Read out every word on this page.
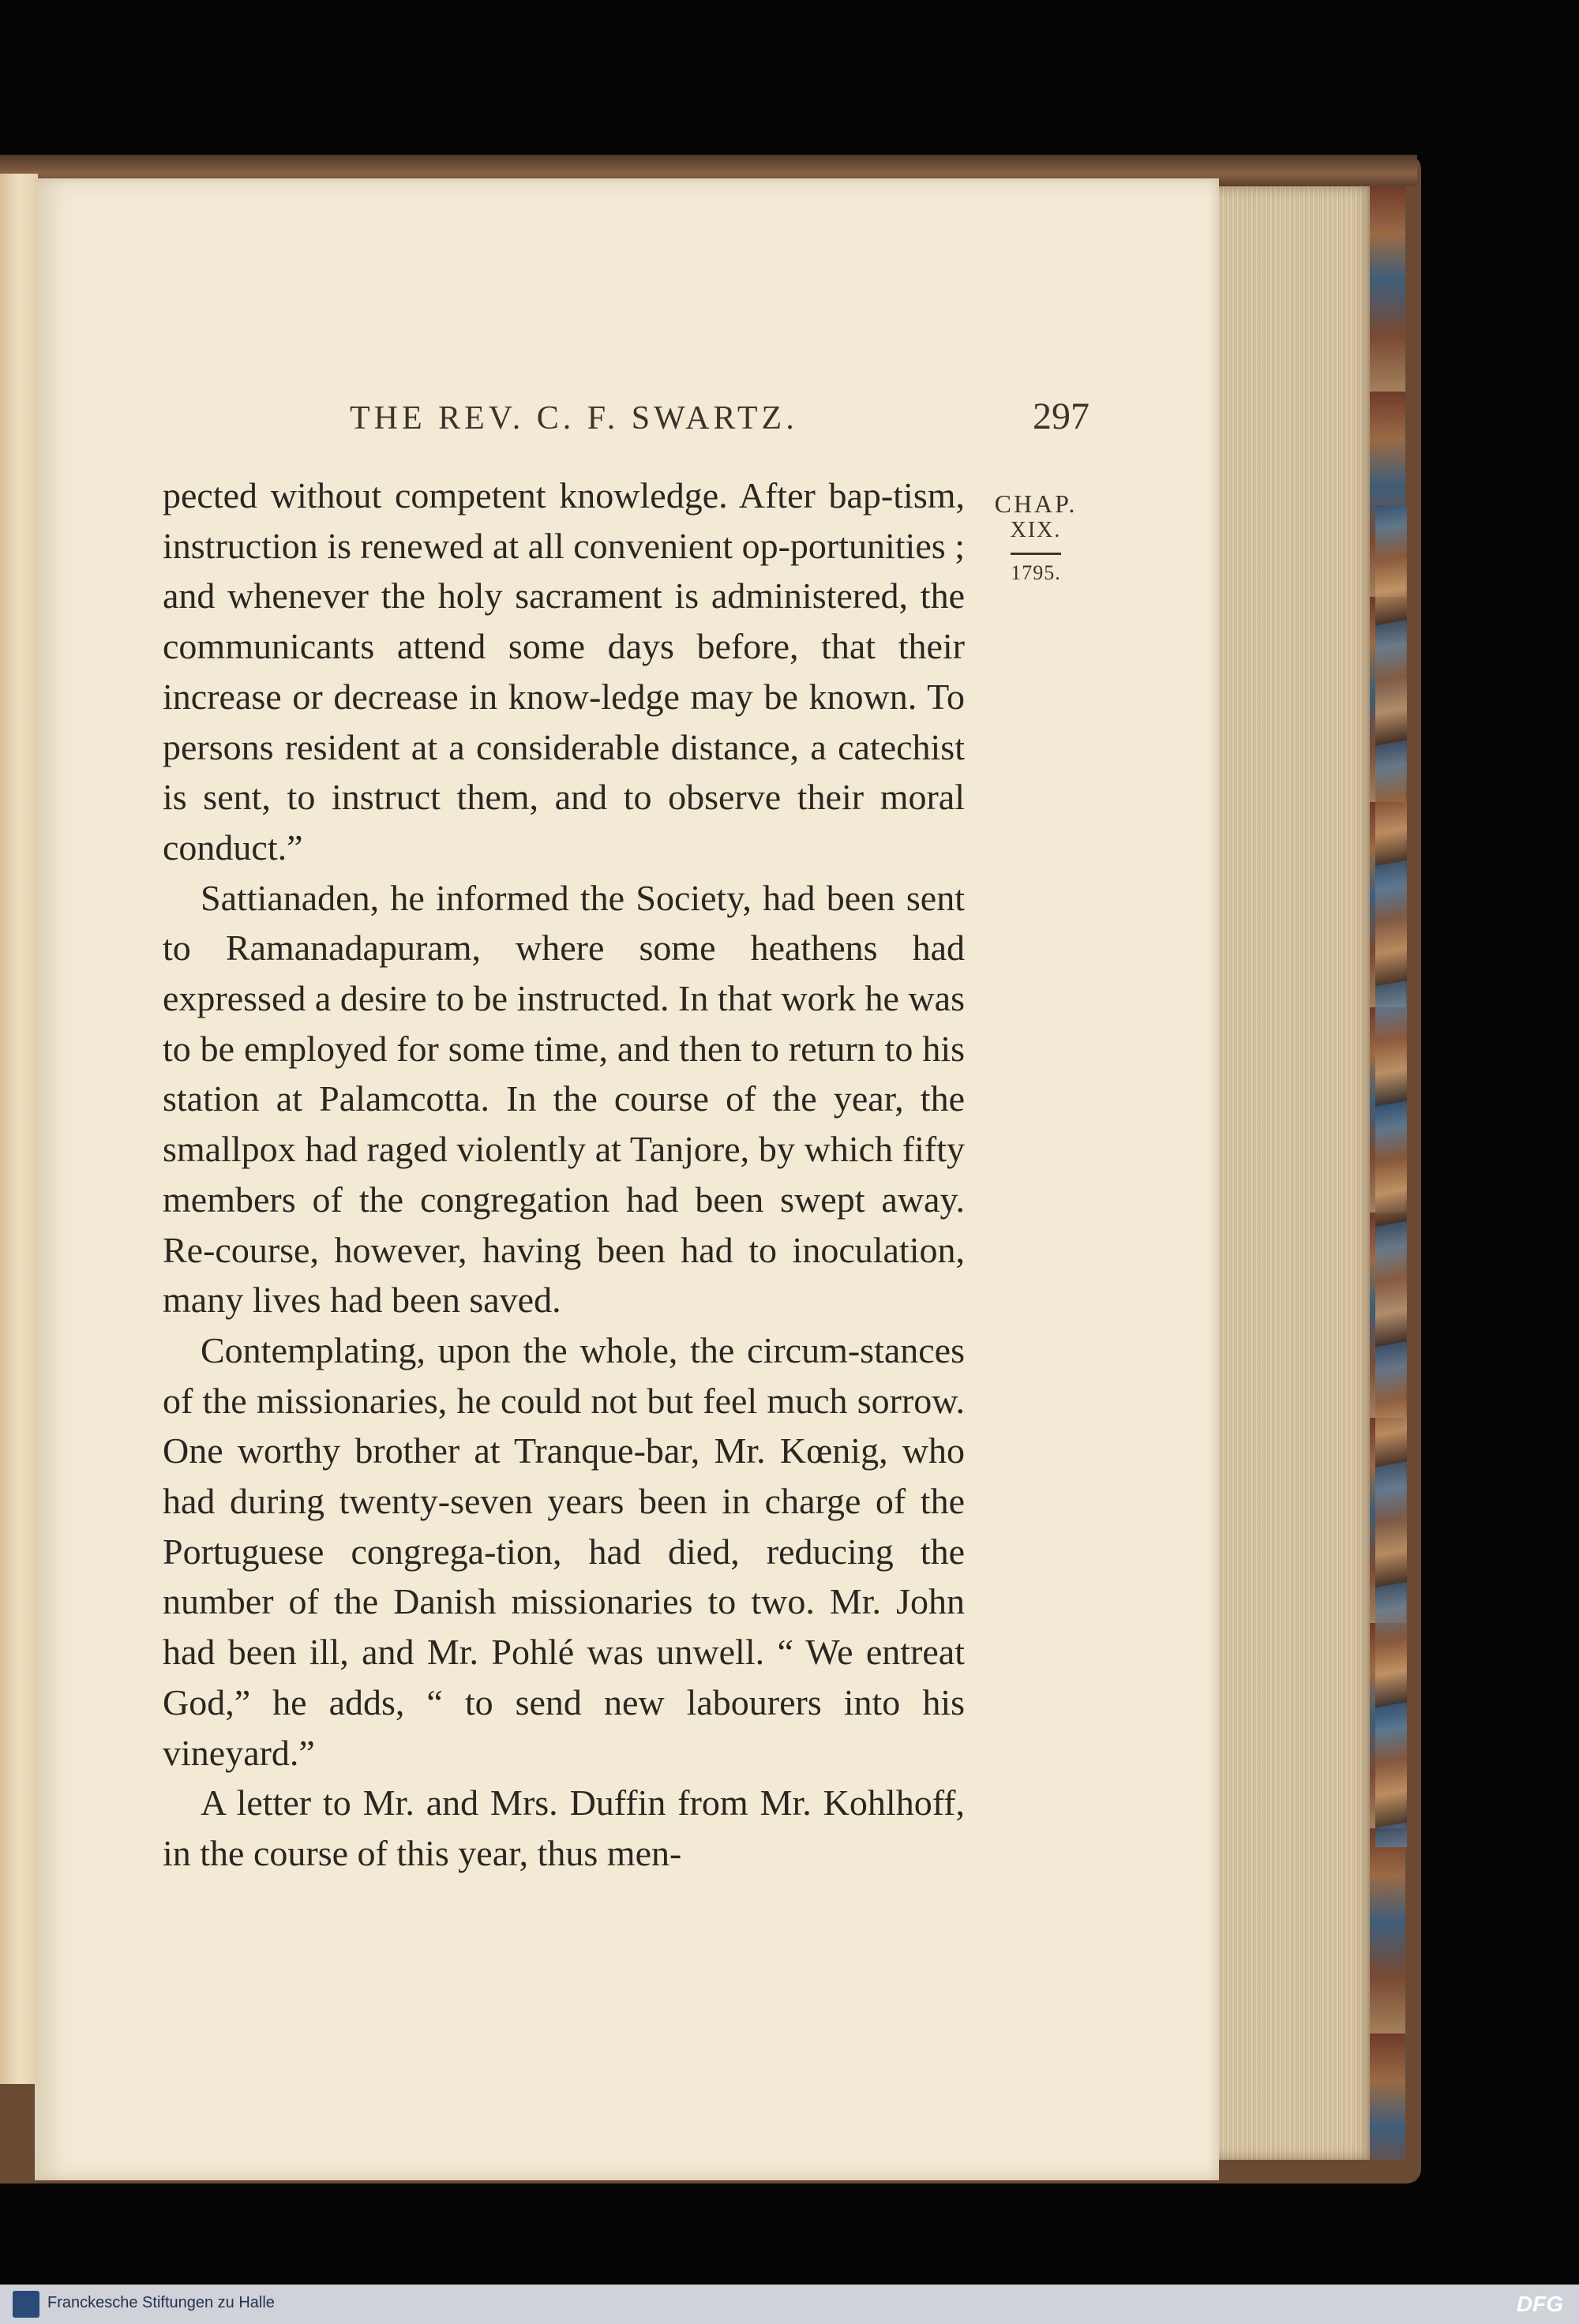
THE REV. C. F. SWARTZ.	297
CHAP.
XIX.
1795.

pected without competent knowledge. After bap-tism, instruction is renewed at all convenient op-portunities ; and whenever the holy sacrament is administered, the communicants attend some days before, that their increase or decrease in know-ledge may be known. To persons resident at a considerable distance, a catechist is sent, to instruct them, and to observe their moral conduct.”

Sattianaden, he informed the Society, had been sent to Ramanadapuram, where some heathens had expressed a desire to be instructed. In that work he was to be employed for some time, and then to return to his station at Palamcotta. In the course of the year, the smallpox had raged violently at Tanjore, by which fifty members of the congregation had been swept away. Re-course, however, having been had to inoculation, many lives had been saved.

Contemplating, upon the whole, the circum-stances of the missionaries, he could not but feel much sorrow. One worthy brother at Tranque-bar, Mr. Kœnig, who had during twenty-seven years been in charge of the Portuguese congrega-tion, had died, reducing the number of the Danish missionaries to two. Mr. John had been ill, and Mr. Pohlé was unwell. “ We entreat God,” he adds, “ to send new labourers into his vineyard.”

A letter to Mr. and Mrs. Duffin from Mr. Kohlhoff, in the course of this year, thus men-

Franckesche Stiftungen zu Halle	DFG
